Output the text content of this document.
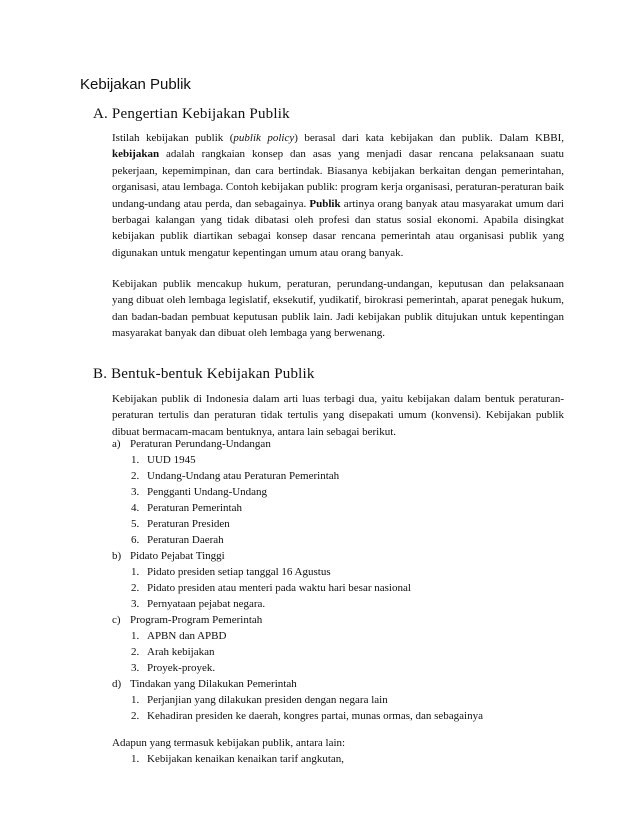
Kebijakan Publik
A. Pengertian Kebijakan Publik
Istilah kebijakan publik (publik policy) berasal dari kata kebijakan dan publik. Dalam KBBI, kebijakan adalah rangkaian konsep dan asas yang menjadi dasar rencana pelaksanaan suatu pekerjaan, kepemimpinan, dan cara bertindak. Biasanya kebijakan berkaitan dengan pemerintahan, organisasi, atau lembaga. Contoh kebijakan publik: program kerja organisasi, peraturan-peraturan baik undang-undang atau perda, dan sebagainya. Publik artinya orang banyak atau masyarakat umum dari berbagai kalangan yang tidak dibatasi oleh profesi dan status sosial ekonomi. Apabila disingkat kebijakan publik diartikan sebagai konsep dasar rencana pemerintah atau organisasi publik yang digunakan untuk mengatur kepentingan umum atau orang banyak.
Kebijakan publik mencakup hukum, peraturan, perundang-undangan, keputusan dan pelaksanaan yang dibuat oleh lembaga legislatif, eksekutif, yudikatif, birokrasi pemerintah, aparat penegak hukum, dan badan-badan pembuat keputusan publik lain. Jadi kebijakan publik ditujukan untuk kepentingan masyarakat banyak dan dibuat oleh lembaga yang berwenang.
B. Bentuk-bentuk Kebijakan Publik
Kebijakan publik di Indonesia dalam arti luas terbagi dua, yaitu kebijakan dalam bentuk peraturan-peraturan tertulis dan peraturan tidak tertulis yang disepakati umum (konvensi). Kebijakan publik dibuat bermacam-macam bentuknya, antara lain sebagai berikut.
a) Peraturan Perundang-Undangan
1. UUD 1945
2. Undang-Undang atau Peraturan Pemerintah
3. Pengganti Undang-Undang
4. Peraturan Pemerintah
5. Peraturan Presiden
6. Peraturan Daerah
b) Pidato Pejabat Tinggi
1. Pidato presiden setiap tanggal 16 Agustus
2. Pidato presiden atau menteri pada waktu hari besar nasional
3. Pernyataan pejabat negara.
c) Program-Program Pemerintah
1. APBN dan APBD
2. Arah kebijakan
3. Proyek-proyek.
d) Tindakan yang Dilakukan Pemerintah
1. Perjanjian yang dilakukan presiden dengan negara lain
2. Kehadiran presiden ke daerah, kongres partai, munas ormas, dan sebagainya
Adapun yang termasuk kebijakan publik, antara lain:
1. Kebijakan kenaikan kenaikan tarif angkutan,
